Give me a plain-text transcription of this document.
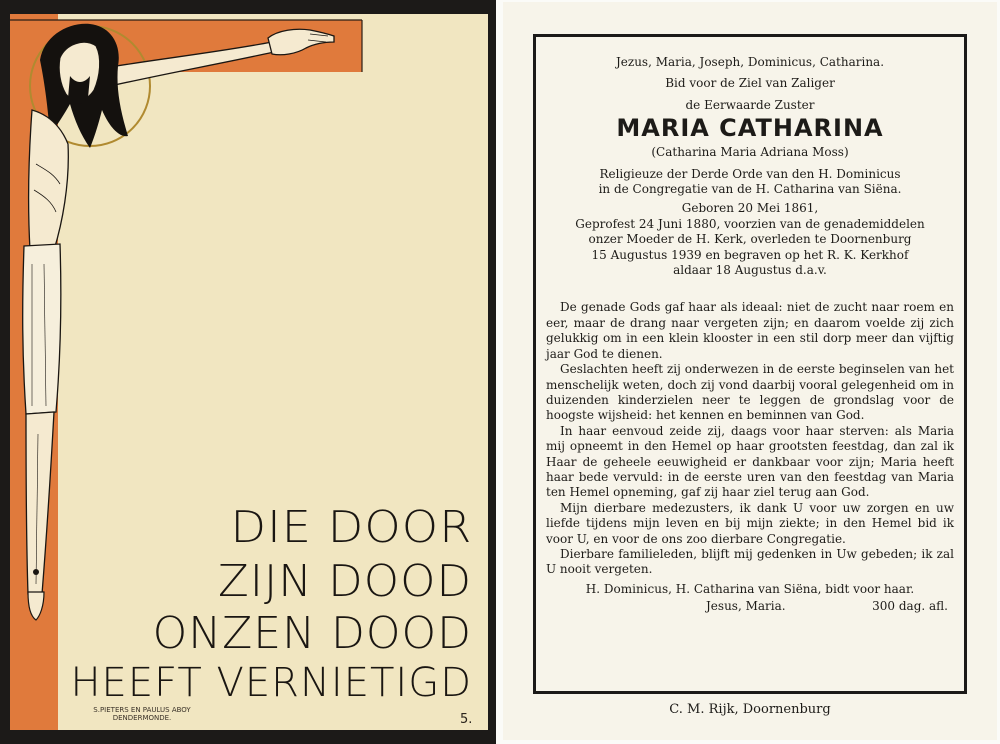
DIE DOOR
ZIJN DOOD
ONZEN DOOD
HEEFT VERNIETIGD
S.PIETERS EN PAULUS ABOY
DENDERMONDE.	5.
Jezus, Maria, Joseph, Dominicus, Catharina.
Bid voor de Ziel van Zaliger
de Eerwaarde Zuster
MARIA CATHARINA
(Catharina Maria Adriana Moss)
Religieuze der Derde Orde van den H. Dominicus
in de Congregatie van de H. Catharina van Siëna.
Geboren 20 Mei 1861,
Geprofest 24 Juni 1880, voorzien van de genademiddelen
onzer Moeder de H. Kerk, overleden te Doornenburg
15 Augustus 1939 en begraven op het R. K. Kerkhof
aldaar 18 Augustus d.a.v.
De genade Gods gaf haar als ideaal: niet de zucht naar roem en eer, maar de drang naar vergeten zijn; en daarom voelde zij zich gelukkig om in een klein klooster in een stil dorp meer dan vijftig jaar God te dienen.
Geslachten heeft zij onderwezen in de eerste beginselen van het menschelijk weten, doch zij vond daarbij vooral gelegenheid om in duizenden kinderzielen neer te leggen de grondslag voor de hoogste wijsheid: het kennen en beminnen van God.
In haar eenvoud zeide zij, daags voor haar sterven: als Maria mij opneemt in den Hemel op haar grootsten feestdag, dan zal ik Haar de geheele eeuwigheid er dankbaar voor zijn; Maria heeft haar bede vervuld: in de eerste uren van den feestdag van Maria ten Hemel opneming, gaf zij haar ziel terug aan God.
Mijn dierbare medezusters, ik dank U voor uw zorgen en uw liefde tijdens mijn leven en bij mijn ziekte; in den Hemel bid ik voor U, en voor de ons zoo dierbare Congregatie.
Dierbare familieleden, blijft mij gedenken in Uw gebeden; ik zal U nooit vergeten.
H. Dominicus, H. Catharina van Siëna, bidt voor haar.
Jesus, Maria.	300 dag. afl.
C. M. Rijk, Doornenburg
